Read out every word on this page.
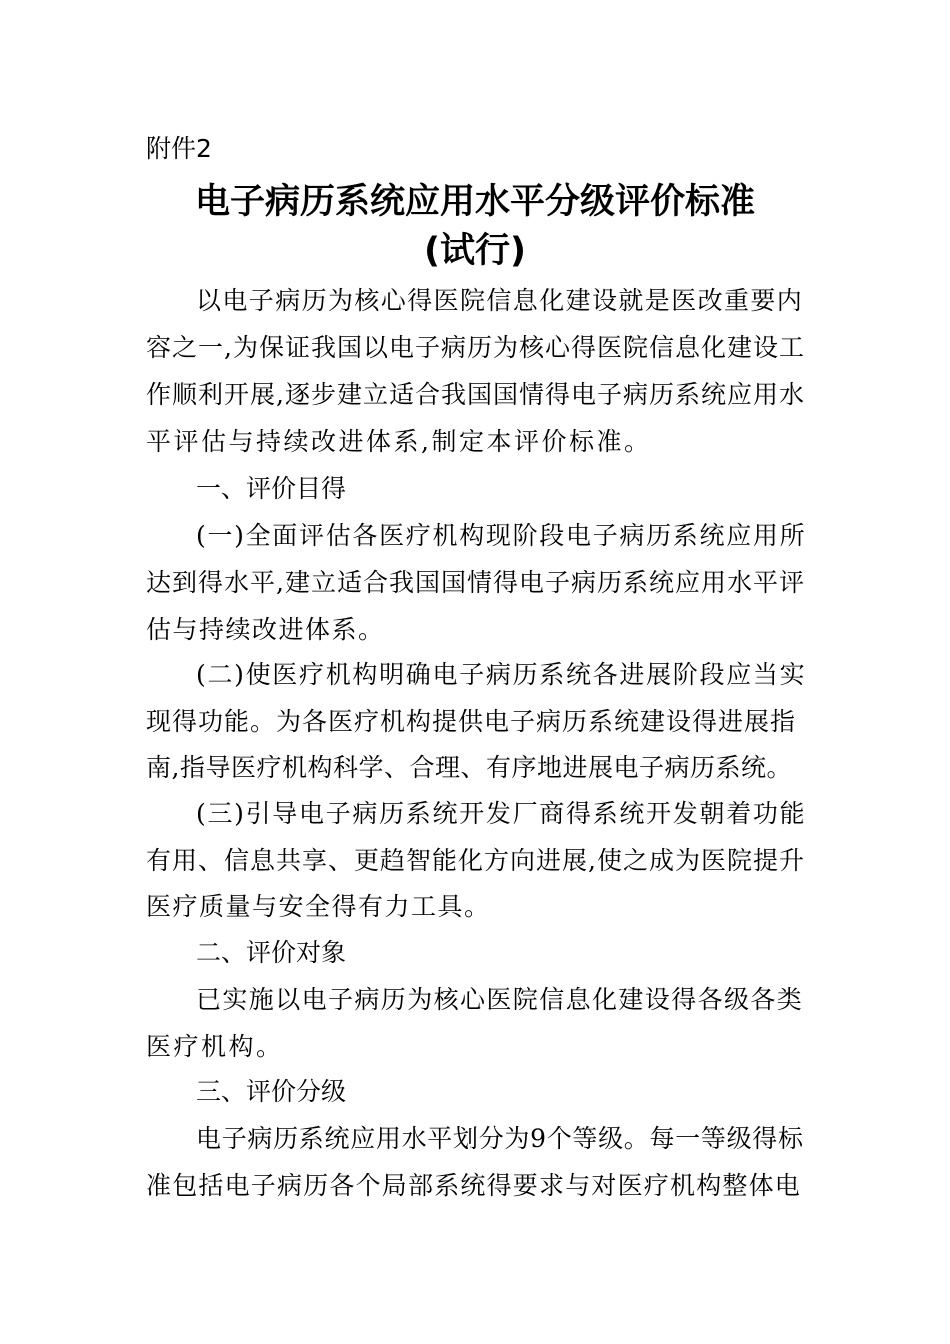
附件2
电子病历系统应用水平分级评价标准
(试行)
以电子病历为核心得医院信息化建设就是医改重要内
容之一,为保证我国以电子病历为核心得医院信息化建设工
作顺利开展,逐步建立适合我国国情得电子病历系统应用水
平评估与持续改进体系,制定本评价标准。
一、评价目得
(一)全面评估各医疗机构现阶段电子病历系统应用所
达到得水平,建立适合我国国情得电子病历系统应用水平评
估与持续改进体系。
(二)使医疗机构明确电子病历系统各进展阶段应当实
现得功能。为各医疗机构提供电子病历系统建设得进展指
南,指导医疗机构科学、合理、有序地进展电子病历系统。
(三)引导电子病历系统开发厂商得系统开发朝着功能
有用、信息共享、更趋智能化方向进展,使之成为医院提升
医疗质量与安全得有力工具。
二、评价对象
已实施以电子病历为核心医院信息化建设得各级各类
医疗机构。
三、评价分级
电子病历系统应用水平划分为9个等级。每一等级得标
准包括电子病历各个局部系统得要求与对医疗机构整体电
